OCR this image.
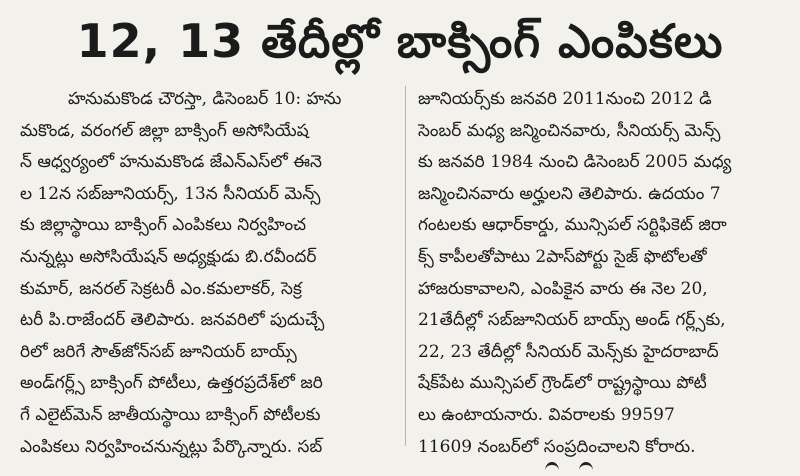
12, 13 తేదీల్లో బాక్సింగ్ ఎంపికలు
హనుమకొండ చౌరస్తా, డిసెంబర్ 10: హను
మకొండ, వరంగల్ జిల్లా బాక్సింగ్ అసోసియేష
న్ ఆధ్వర్యంలో హనుమకొండ జేఎన్ఎస్‌లో ఈనె
ల 12న సబ్‌జూనియర్స్, 13న సీనియర్ మెన్స్
కు జిల్లాస్థాయి బాక్సింగ్ ఎంపికలు నిర్వహించ
నున్నట్లు అసోసియేషన్ అధ్యక్షుడు బి.రవీందర్
కుమార్, జనరల్ సెక్రటరీ ఎం.కమలాకర్, సెక్ర
టరీ పి.రాజేందర్ తెలిపారు. జనవరిలో పుదుచ్చే
రిలో జరిగే సౌత్‌జోన్‌సబ్ జూనియర్ బాయ్స్
అండ్‌గర్ల్స్ బాక్సింగ్ పోటీలు, ఉత్తరప్రదేశ్‌లో జరి
గే ఎలైట్‌మెన్ జాతీయస్థాయి బాక్సింగ్ పోటీలకు
ఎంపికలు నిర్వహించనున్నట్లు పేర్కొన్నారు. సబ్
జూనియర్స్‌కు జనవరి 2011నుంచి 2012 డి
సెంబర్ మధ్య జన్మించినవారు, సీనియర్స్ మెన్స్
కు జనవరి 1984 నుంచి డిసెంబర్ 2005 మధ్య
జన్మించినవారు అర్హులని తెలిపారు. ఉదయం 7
గంటలకు ఆధార్‌కార్డు, మున్సిపల్ సర్టిఫికెట్ జిరా
క్స్ కాపీలతోపాటు 2పాస్‌పోర్టు సైజ్ ఫొటోలతో
హాజరుకావాలని, ఎంపికైన వారు ఈ నెల 20,
21తేదీల్లో సబ్‌జూనియర్ బాయ్స్ అండ్ గర్ల్స్‌కు,
22, 23 తేదీల్లో సీనియర్ మెన్స్‌కు హైదరాబాద్
షేక్‌పేట మున్సిపల్ గ్రౌండ్‌లో రాష్ట్రస్థాయి పోటీ
లు ఉంటాయనారు. వివరాలకు 99597
11609 నంబర్‌లో సంప్రదించాలని కోరారు.
